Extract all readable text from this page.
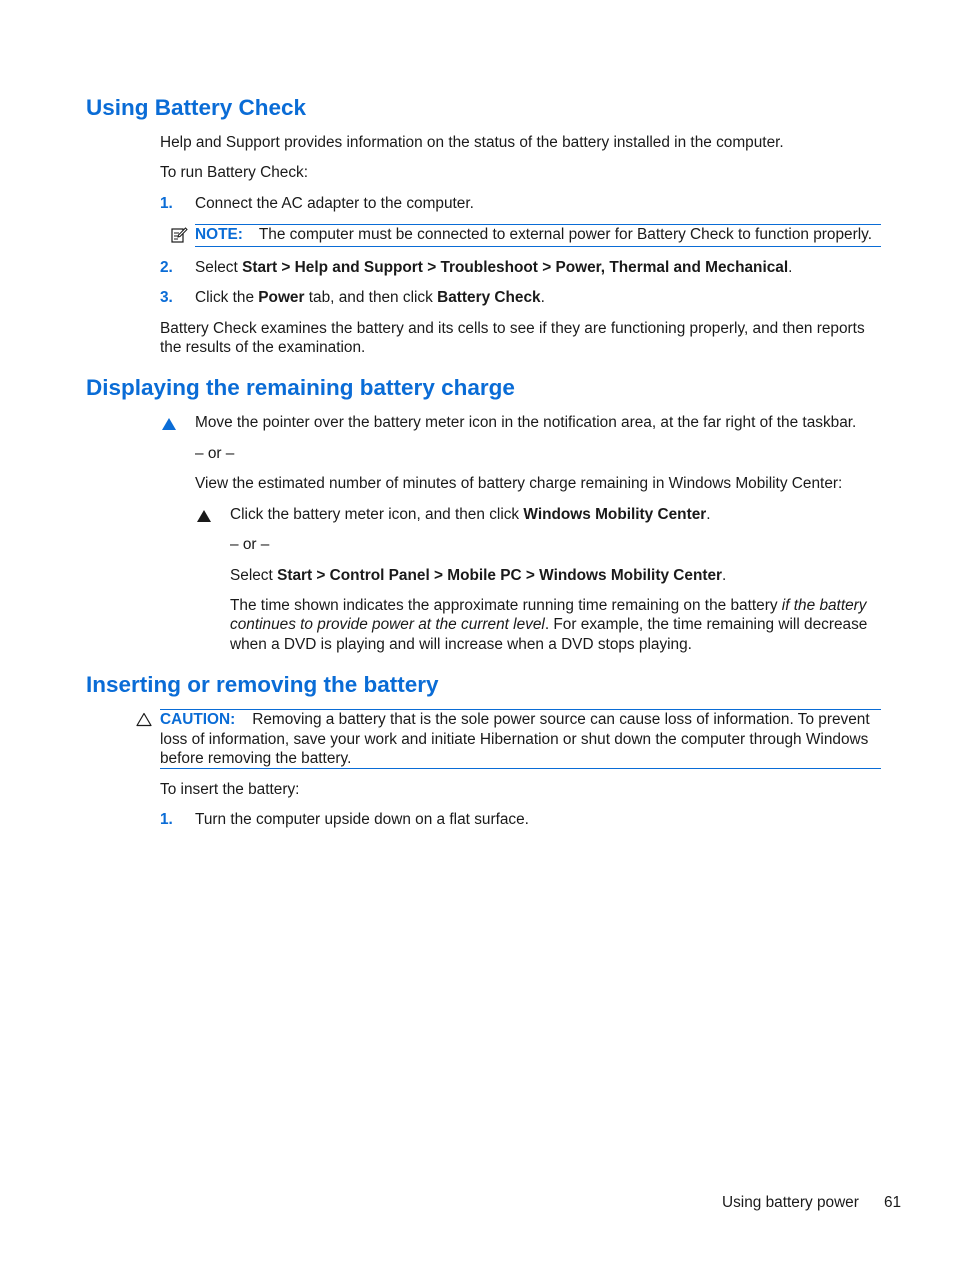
Using Battery Check
Help and Support provides information on the status of the battery installed in the computer.
To run Battery Check:
1. Connect the AC adapter to the computer.
NOTE: The computer must be connected to external power for Battery Check to function properly.
2. Select Start > Help and Support > Troubleshoot > Power, Thermal and Mechanical.
3. Click the Power tab, and then click Battery Check.
Battery Check examines the battery and its cells to see if they are functioning properly, and then reports
the results of the examination.
Displaying the remaining battery charge
Move the pointer over the battery meter icon in the notification area, at the far right of the taskbar.
– or –
View the estimated number of minutes of battery charge remaining in Windows Mobility Center:
Click the battery meter icon, and then click Windows Mobility Center.
– or –
Select Start > Control Panel > Mobile PC > Windows Mobility Center.
The time shown indicates the approximate running time remaining on the battery if the battery
continues to provide power at the current level. For example, the time remaining will decrease
when a DVD is playing and will increase when a DVD stops playing.
Inserting or removing the battery
CAUTION: Removing a battery that is the sole power source can cause loss of information. To prevent
loss of information, save your work and initiate Hibernation or shut down the computer through Windows
before removing the battery.
To insert the battery:
1. Turn the computer upside down on a flat surface.
Using battery power 61
